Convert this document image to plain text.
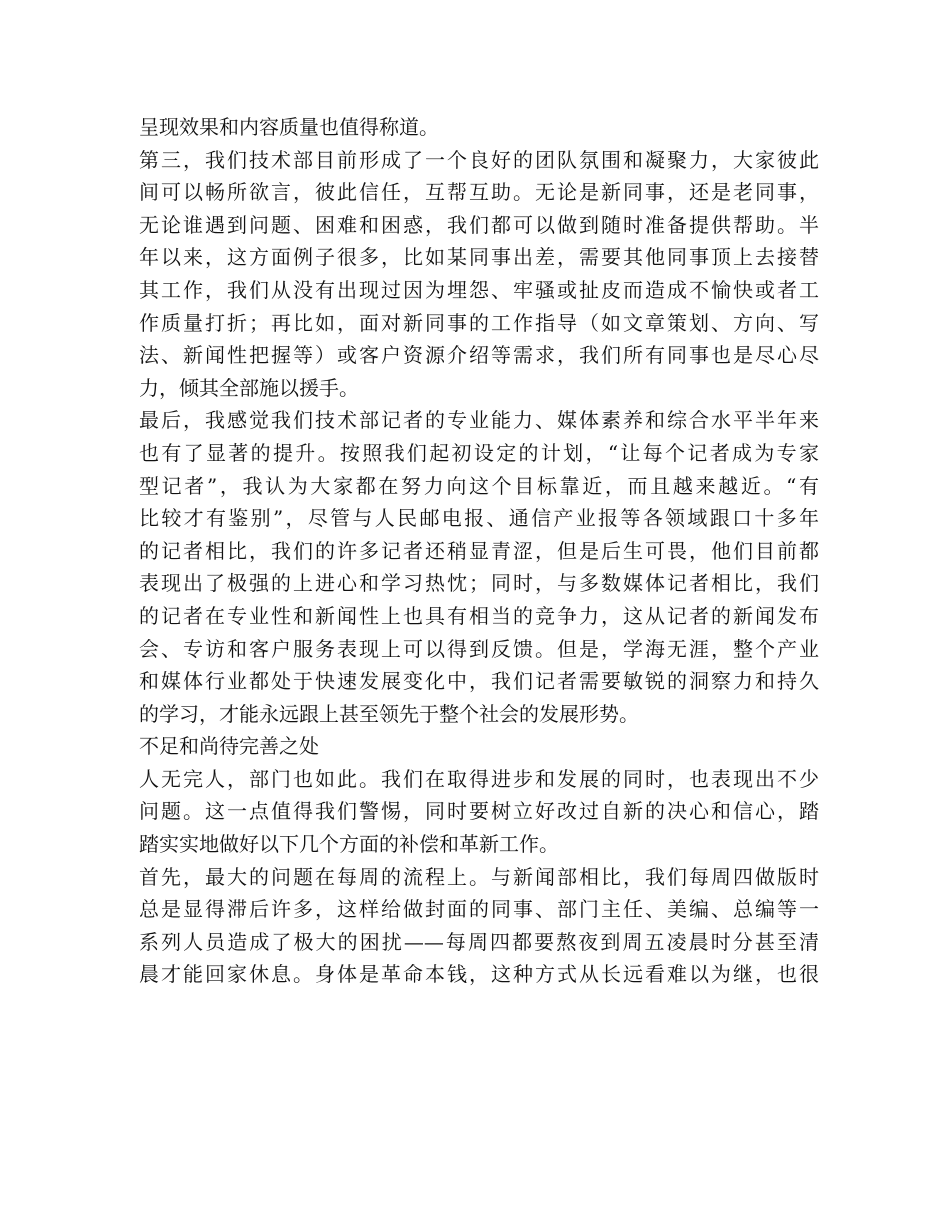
呈现效果和内容质量也值得称道。
第三，我们技术部目前形成了一个良好的团队氛围和凝聚力，大家彼此
间可以畅所欲言，彼此信任，互帮互助。无论是新同事，还是老同事，
无论谁遇到问题、困难和困惑，我们都可以做到随时准备提供帮助。半
年以来，这方面例子很多，比如某同事出差，需要其他同事顶上去接替
其工作，我们从没有出现过因为埋怨、牢骚或扯皮而造成不愉快或者工
作质量打折；再比如，面对新同事的工作指导（如文章策划、方向、写
法、新闻性把握等）或客户资源介绍等需求，我们所有同事也是尽心尽
力，倾其全部施以援手。
最后，我感觉我们技术部记者的专业能力、媒体素养和综合水平半年来
也有了显著的提升。按照我们起初设定的计划，“让每个记者成为专家
型记者”，我认为大家都在努力向这个目标靠近，而且越来越近。“有
比较才有鉴别”，尽管与人民邮电报、通信产业报等各领域跟口十多年
的记者相比，我们的许多记者还稍显青涩，但是后生可畏，他们目前都
表现出了极强的上进心和学习热忱；同时，与多数媒体记者相比，我们
的记者在专业性和新闻性上也具有相当的竞争力，这从记者的新闻发布
会、专访和客户服务表现上可以得到反馈。但是，学海无涯，整个产业
和媒体行业都处于快速发展变化中，我们记者需要敏锐的洞察力和持久
的学习，才能永远跟上甚至领先于整个社会的发展形势。
不足和尚待完善之处
人无完人，部门也如此。我们在取得进步和发展的同时，也表现出不少
问题。这一点值得我们警惕，同时要树立好改过自新的决心和信心，踏
踏实实地做好以下几个方面的补偿和革新工作。
首先，最大的问题在每周的流程上。与新闻部相比，我们每周四做版时
总是显得滞后许多，这样给做封面的同事、部门主任、美编、总编等一
系列人员造成了极大的困扰——每周四都要熬夜到周五凌晨时分甚至清
晨才能回家休息。身体是革命本钱，这种方式从长远看难以为继，也很
